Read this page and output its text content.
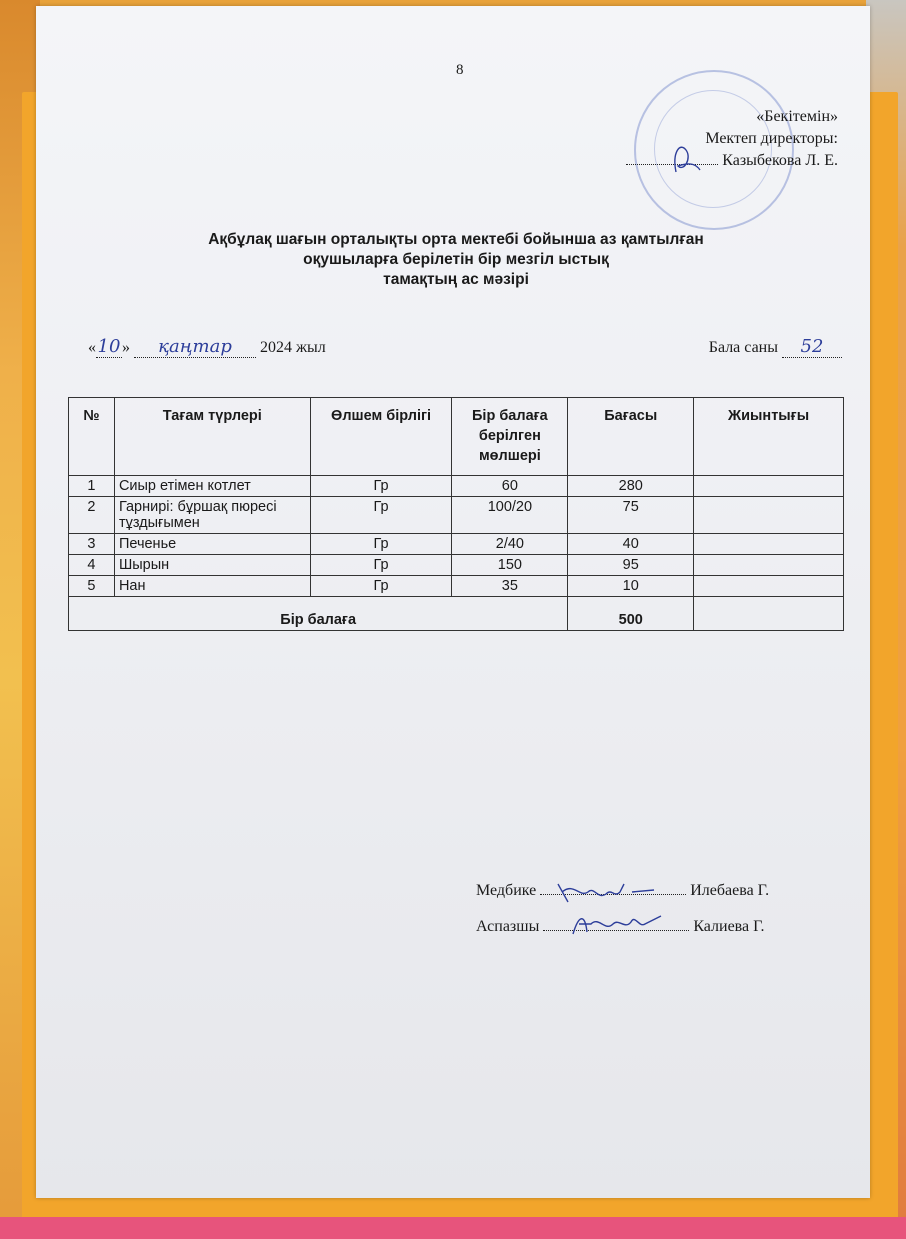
8
«Бекітемін»
Мектеп директоры:
Казыбекова Л. Е.
Ақбұлақ шағын орталықты орта мектебі бойынша аз қамтылған
оқушыларға берілетін бір мезгіл ыстық
тамақтың ас мәзірі
«10» қаңтар 2024 жыл	Бала саны 52
№	Тағам түрлері	Өлшем бірлігі	Бір балаға берілген мөлшері	Бағасы	Жиынтығы
1	Сиыр етімен котлет	Гр	60	280	
2	Гарнирі: бұршақ пюресі тұздығымен	Гр	100/20	75	
3	Печенье	Гр	2/40	40	
4	Шырын	Гр	150	95	
5	Нан	Гр	35	10	
Бір балаға				500	
Медбике	Илебаева Г.
Аспазшы	Калиева Г.
